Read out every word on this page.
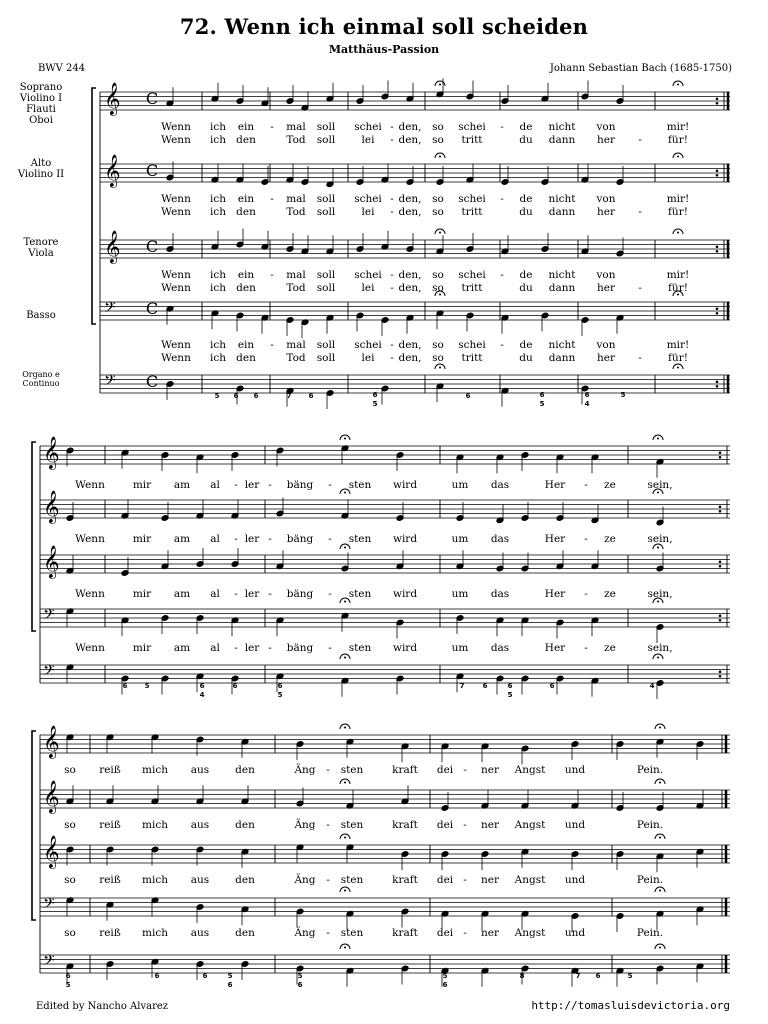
72. Wenn ich einmal soll scheiden
Matthäus-Passion
BWV 244	Johann Sebastian Bach (1685-1750)
Soprano
Violino I
Flauti
Oboi
Alto
Violino II
Tenore
Viola
Basso
Organo e
Continuo
𝄞
𝄞
𝄞
𝄢
𝄢
C
C
C
C
C
Wenn ich ein - mal soll schei - den, so schei - de nicht von	mir!
Wenn ich den	Tod soll	lei - den, so tritt	du dann her -	für!
Wenn ich ein - mal soll schei - den, so schei - de nicht von	mir!
Wenn ich den	Tod soll	lei - den, so tritt	du dann her -	für!
Wenn ich ein - mal soll schei - den, so schei - de nicht von	mir!
Wenn ich den	Tod soll	lei - den, so tritt	du dann her -	für!
Wenn ich ein - mal soll schei - den, so schei - de nicht von	mir!
Wenn ich den	Tod soll	lei - den, so tritt	du dann her -	für!
5 6 6	7 6	6
5
6	6
5
6
4
5
𝄞
𝄞
𝄞
𝄢
𝄢
Wenn	mir am al - ler - bäng - sten wird	um das	Her - ze	sein,
Wenn	mir am al - ler - bäng - sten wird	um das	Her - ze	sein,
Wenn	mir am al - ler - bäng - sten wird	um das	Her - ze	sein,
Wenn	mir am al - ler - bäng - sten wird	um das	Her - ze	sein,
6 5	6
4
6	6
5
7	6	6
5
6	4
𝄞
𝄞
𝄞
𝄢
𝄢
so reiß mich aus den	Äng - sten	kraft dei - ner Angst und	Pein.
so reiß mich aus den	Äng - sten	kraft dei - ner Angst und	Pein.
so reiß mich aus den	Äng - sten	kraft dei - ner Angst und	Pein.
so reiß mich aus den	Äng - sten	kraft dei - ner Angst und	Pein.
6
5
6	6	5
6
5
6
5
6
8	7 6	5
Edited by Nancho Alvarez	http://tomasluisdevictoria.org
